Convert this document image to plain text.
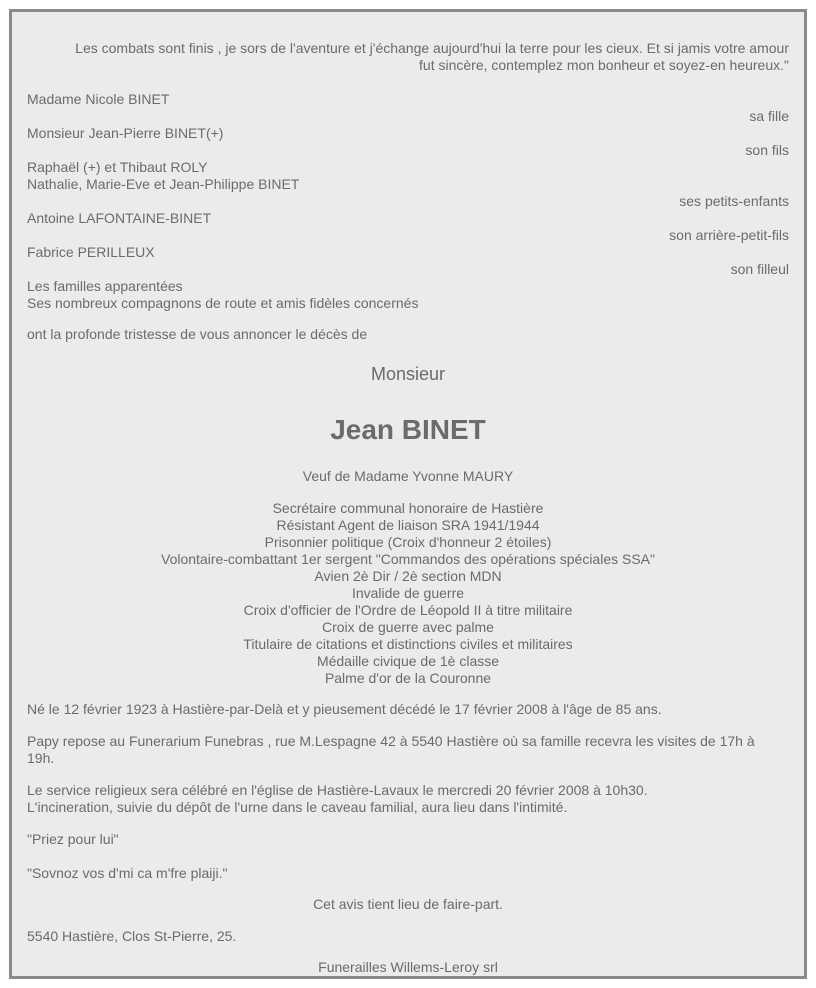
Les combats sont finis , je sors de l'aventure et j'échange aujourd'hui la terre pour les cieux. Et si jamis votre amour
fut sincère, contemplez mon bonheur et soyez-en heureux."
Madame Nicole BINET
sa fille
Monsieur Jean-Pierre BINET(+)
son fils
Raphaël (+) et Thibaut ROLY
Nathalie, Marie-Eve et Jean-Philippe BINET
ses petits-enfants
Antoine LAFONTAINE-BINET
son arrière-petit-fils
Fabrice PERILLEUX
son filleul
Les familles apparentées
Ses nombreux compagnons de route et amis fidèles concernés
ont la profonde tristesse de vous annoncer le décès de
Monsieur
Jean BINET
Veuf de Madame Yvonne MAURY
Secrétaire communal honoraire de Hastière
Résistant Agent de liaison SRA 1941/1944
Prisonnier politique (Croix d'honneur 2 étoiles)
Volontaire-combattant 1er sergent "Commandos des opérations spéciales SSA"
Avien 2è Dir / 2è section MDN
Invalide de guerre
Croix d'officier de l'Ordre de Léopold II à titre militaire
Croix de guerre avec palme
Titulaire de citations et distinctions civiles et militaires
Médaille civique de 1è classe
Palme d'or de la Couronne
Né le 12 février 1923 à Hastière-par-Delà et y pieusement décédé le 17 février 2008 à l'âge de 85 ans.
Papy repose au Funerarium Funebras , rue M.Lespagne 42 à 5540 Hastière où sa famille recevra les visites de 17h à
19h.
Le service religieux sera célébré en l'église de Hastière-Lavaux le mercredi 20 février 2008 à 10h30.
L'incineration, suivie du dépôt de l'urne dans le caveau familial, aura lieu dans l'intimité.
"Priez pour lui"
"Sovnoz vos d'mi ca m'fre plaiji."
Cet avis tient lieu de faire-part.
5540 Hastière, Clos St-Pierre, 25.
Funerailles Willems-Leroy srl
